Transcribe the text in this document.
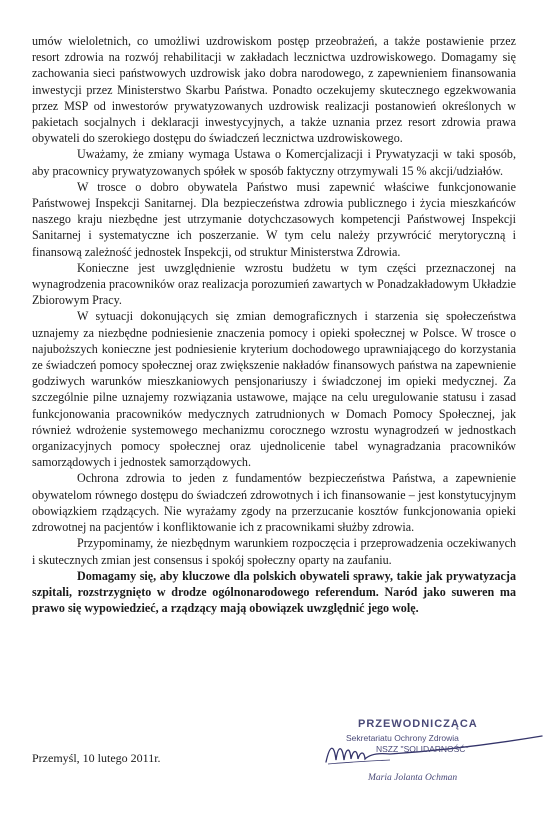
umów wieloletnich, co umożliwi uzdrowiskom postęp przeobrażeń, a także postawienie przez resort zdrowia na rozwój rehabilitacji w zakładach lecznictwa uzdrowiskowego. Domagamy się zachowania sieci państwowych uzdrowisk jako dobra narodowego, z zapewnieniem finansowania inwestycji przez Ministerstwo Skarbu Państwa. Ponadto oczekujemy skutecznego egzekwowania przez MSP od inwestorów prywatyzowanych uzdrowisk realizacji postanowień określonych w pakietach socjalnych i deklaracji inwestycyjnych, a także uznania przez resort zdrowia prawa obywateli do szerokiego dostępu do świadczeń lecznictwa uzdrowiskowego.

Uważamy, że zmiany wymaga Ustawa o Komercjalizacji i Prywatyzacji w taki sposób, aby pracownicy prywatyzowanych spółek w sposób faktyczny otrzymywali 15 % akcji/udziałów.

W trosce o dobro obywatela Państwo musi zapewnić właściwe funkcjonowanie Państwowej Inspekcji Sanitarnej. Dla bezpieczeństwa zdrowia publicznego i życia mieszkańców naszego kraju niezbędne jest utrzymanie dotychczasowych kompetencji Państwowej Inspekcji Sanitarnej i systematyczne ich poszerzanie. W tym celu należy przywrócić merytoryczną i finansową zależność jednostek Inspekcji, od struktur Ministerstwa Zdrowia.

Konieczne jest uwzględnienie wzrostu budżetu w tym części przeznaczonej na wynagrodzenia pracowników oraz realizacja porozumień zawartych w Ponadzakładowym Układzie Zbiorowym Pracy.

W sytuacji dokonujących się zmian demograficznych i starzenia się społeczeństwa uznajemy za niezbędne podniesienie znaczenia pomocy i opieki społecznej w Polsce. W trosce o najuboższych konieczne jest podniesienie kryterium dochodowego uprawniającego do korzystania ze świadczeń pomocy społecznej oraz zwiększenie nakładów finansowych państwa na zapewnienie godziwych warunków mieszkaniowych pensjonariuszy i świadczonej im opieki medycznej. Za szczególnie pilne uznajemy rozwiązania ustawowe, mające na celu uregulowanie statusu i zasad funkcjonowania pracowników medycznych zatrudnionych w Domach Pomocy Społecznej, jak również wdrożenie systemowego mechanizmu corocznego wzrostu wynagrodzeń w jednostkach organizacyjnych pomocy społecznej oraz ujednolicenie tabel wynagradzania pracowników samorządowych i jednostek samorządowych.

Ochrona zdrowia to jeden z fundamentów bezpieczeństwa Państwa, a zapewnienie obywatelom równego dostępu do świadczeń zdrowotnych i ich finansowanie – jest konstytucyjnym obowiązkiem rządzących. Nie wyrażamy zgody na przerzucanie kosztów funkcjonowania opieki zdrowotnej na pacjentów i konfliktowanie ich z pracownikami służby zdrowia.

Przypominamy, że niezbędnym warunkiem rozpoczęcia i przeprowadzenia oczekiwanych i skutecznych zmian jest consensus i spokój społeczny oparty na zaufaniu.

Domagamy się, aby kluczowe dla polskich obywateli sprawy, takie jak prywatyzacja szpitali, rozstrzygnięto w drodze ogólnonarodowego referendum. Naród jako suweren ma prawo się wypowiedzieć, a rządzący mają obowiązek uwzględnić jego wolę.

PRZEWODNICZĄCA
Sekretariatu Ochrony Zdrowia
NSZZ "SOLIDARNOŚĆ"
Maria Jolanta Ochman
Przemyśl, 10 lutego 2011r.
